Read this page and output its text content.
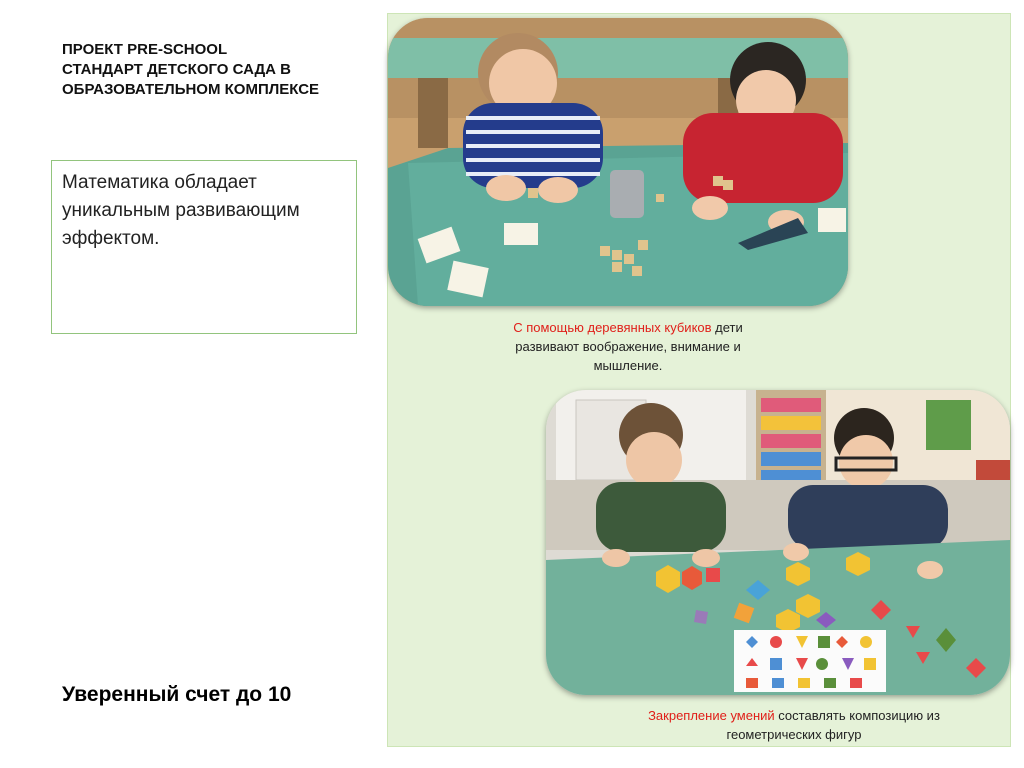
ПРОЕКТ PRE-SCHOOL
СТАНДАРТ ДЕТСКОГО САДА В
ОБРАЗОВАТЕЛЬНОМ КОМПЛЕКСЕ

Математика обладает

уникальным развивающим

эффектом.

Уверенный счет до 10
С помощью деревянных кубиков дети
развивают воображение, внимание и
мышление.
Закрепление умений составлять композицию из
геометрических фигур
